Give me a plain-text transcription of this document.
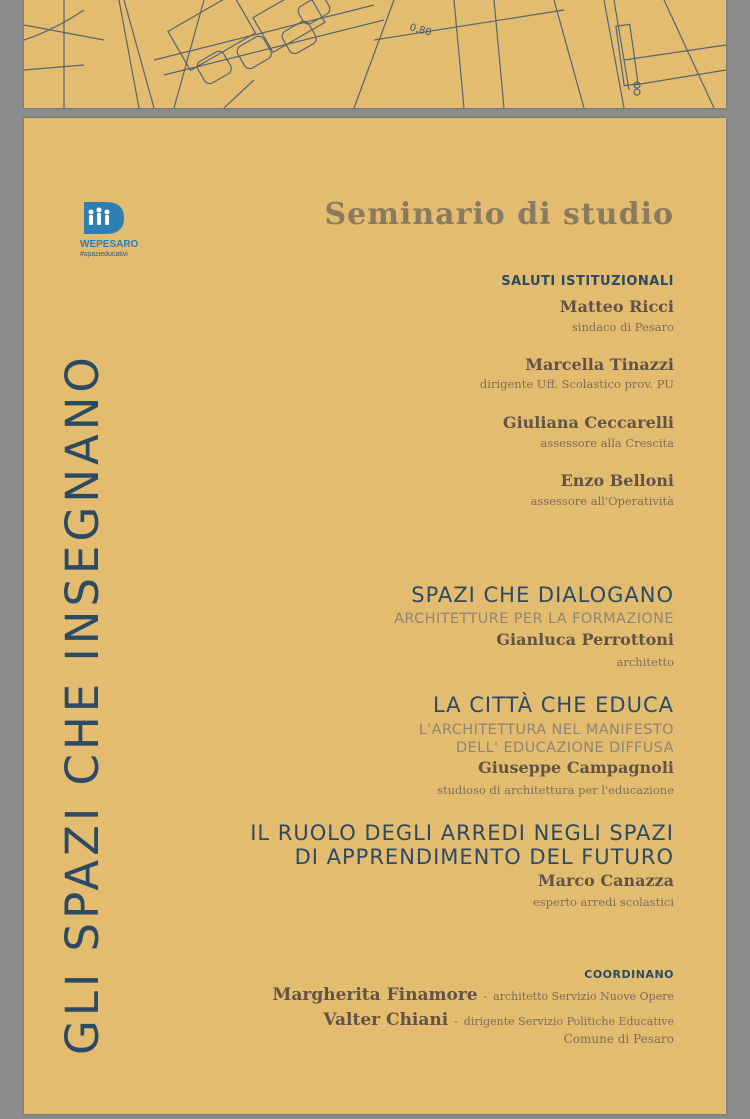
0,80
GLI SPAZI CHE INSEGNANO
WEPESARO
#spazieducativi
Seminario di studio
SALUTI ISTITUZIONALI
Matteo Ricci
sindaco di Pesaro
Marcella Tinazzi
dirigente Uff. Scolastico prov. PU
Giuliana Ceccarelli
assessore alla Crescita
Enzo Belloni
assessore all'Operatività
SPAZI CHE DIALOGANO
ARCHITETTURE PER LA FORMAZIONE
Gianluca Perrottoni
architetto
LA CITTÀ CHE EDUCA
L'ARCHITETTURA NEL MANIFESTO
DELL' EDUCAZIONE DIFFUSA
Giuseppe Campagnoli
studioso di architettura per l'educazione
IL RUOLO DEGLI ARREDI NEGLI SPAZI
DI APPRENDIMENTO DEL FUTURO
Marco Canazza
esperto arredi scolastici
COORDINANO
Margherita Finamore - architetto Servizio Nuove Opere
Valter Chiani - dirigente Servizio Politiche Educative
Comune di Pesaro
